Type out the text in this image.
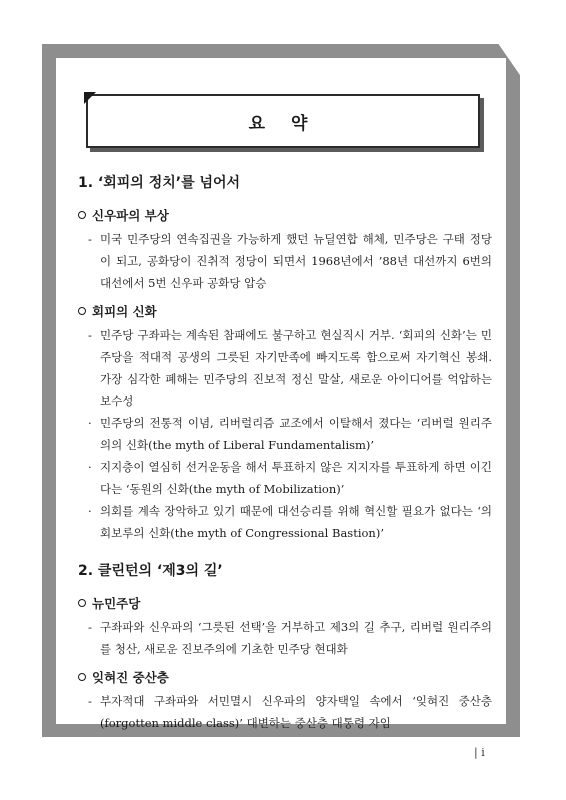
요 약
1. ‘회피의 정치’를 넘어서
신우파의 부상
- 미국 민주당의 연속집권을 가능하게 했던 뉴딜연합 해체, 민주당은 구태 정당이 되고, 공화당이 진취적 정당이 되면서 1968년에서 ’88년 대선까지 6번의 대선에서 5번 신우파 공화당 압승
회피의 신화
- 민주당 구좌파는 계속된 참패에도 불구하고 현실직시 거부. ‘회피의 신화’는 민주당을 적대적 공생의 그릇된 자기만족에 빠지도록 함으로써 자기혁신 봉쇄. 가장 심각한 폐해는 민주당의 진보적 정신 말살, 새로운 아이디어를 억압하는 보수성
· 민주당의 전통적 이념, 리버럴리즘 교조에서 이탈해서 졌다는 ‘리버럴 원리주의의 신화(the myth of Liberal Fundamentalism)’
· 지지층이 열심히 선거운동을 해서 투표하지 않은 지지자를 투표하게 하면 이긴다는 ‘동원의 신화(the myth of Mobilization)’
· 의회를 계속 장악하고 있기 때문에 대선승리를 위해 혁신할 필요가 없다는 ‘의회보루의 신화(the myth of Congressional Bastion)’
2. 클린턴의 ‘제3의 길’
뉴민주당
- 구좌파와 신우파의 ‘그릇된 선택’을 거부하고 제3의 길 추구, 리버럴 원리주의를 청산, 새로운 진보주의에 기초한 민주당 현대화
잊혀진 중산층
- 부자적대 구좌파와 서민멸시 신우파의 양자택일 속에서 ‘잊혀진 중산층(forgotten middle class)’ 대변하는 중산층 대통령 자임
| i
